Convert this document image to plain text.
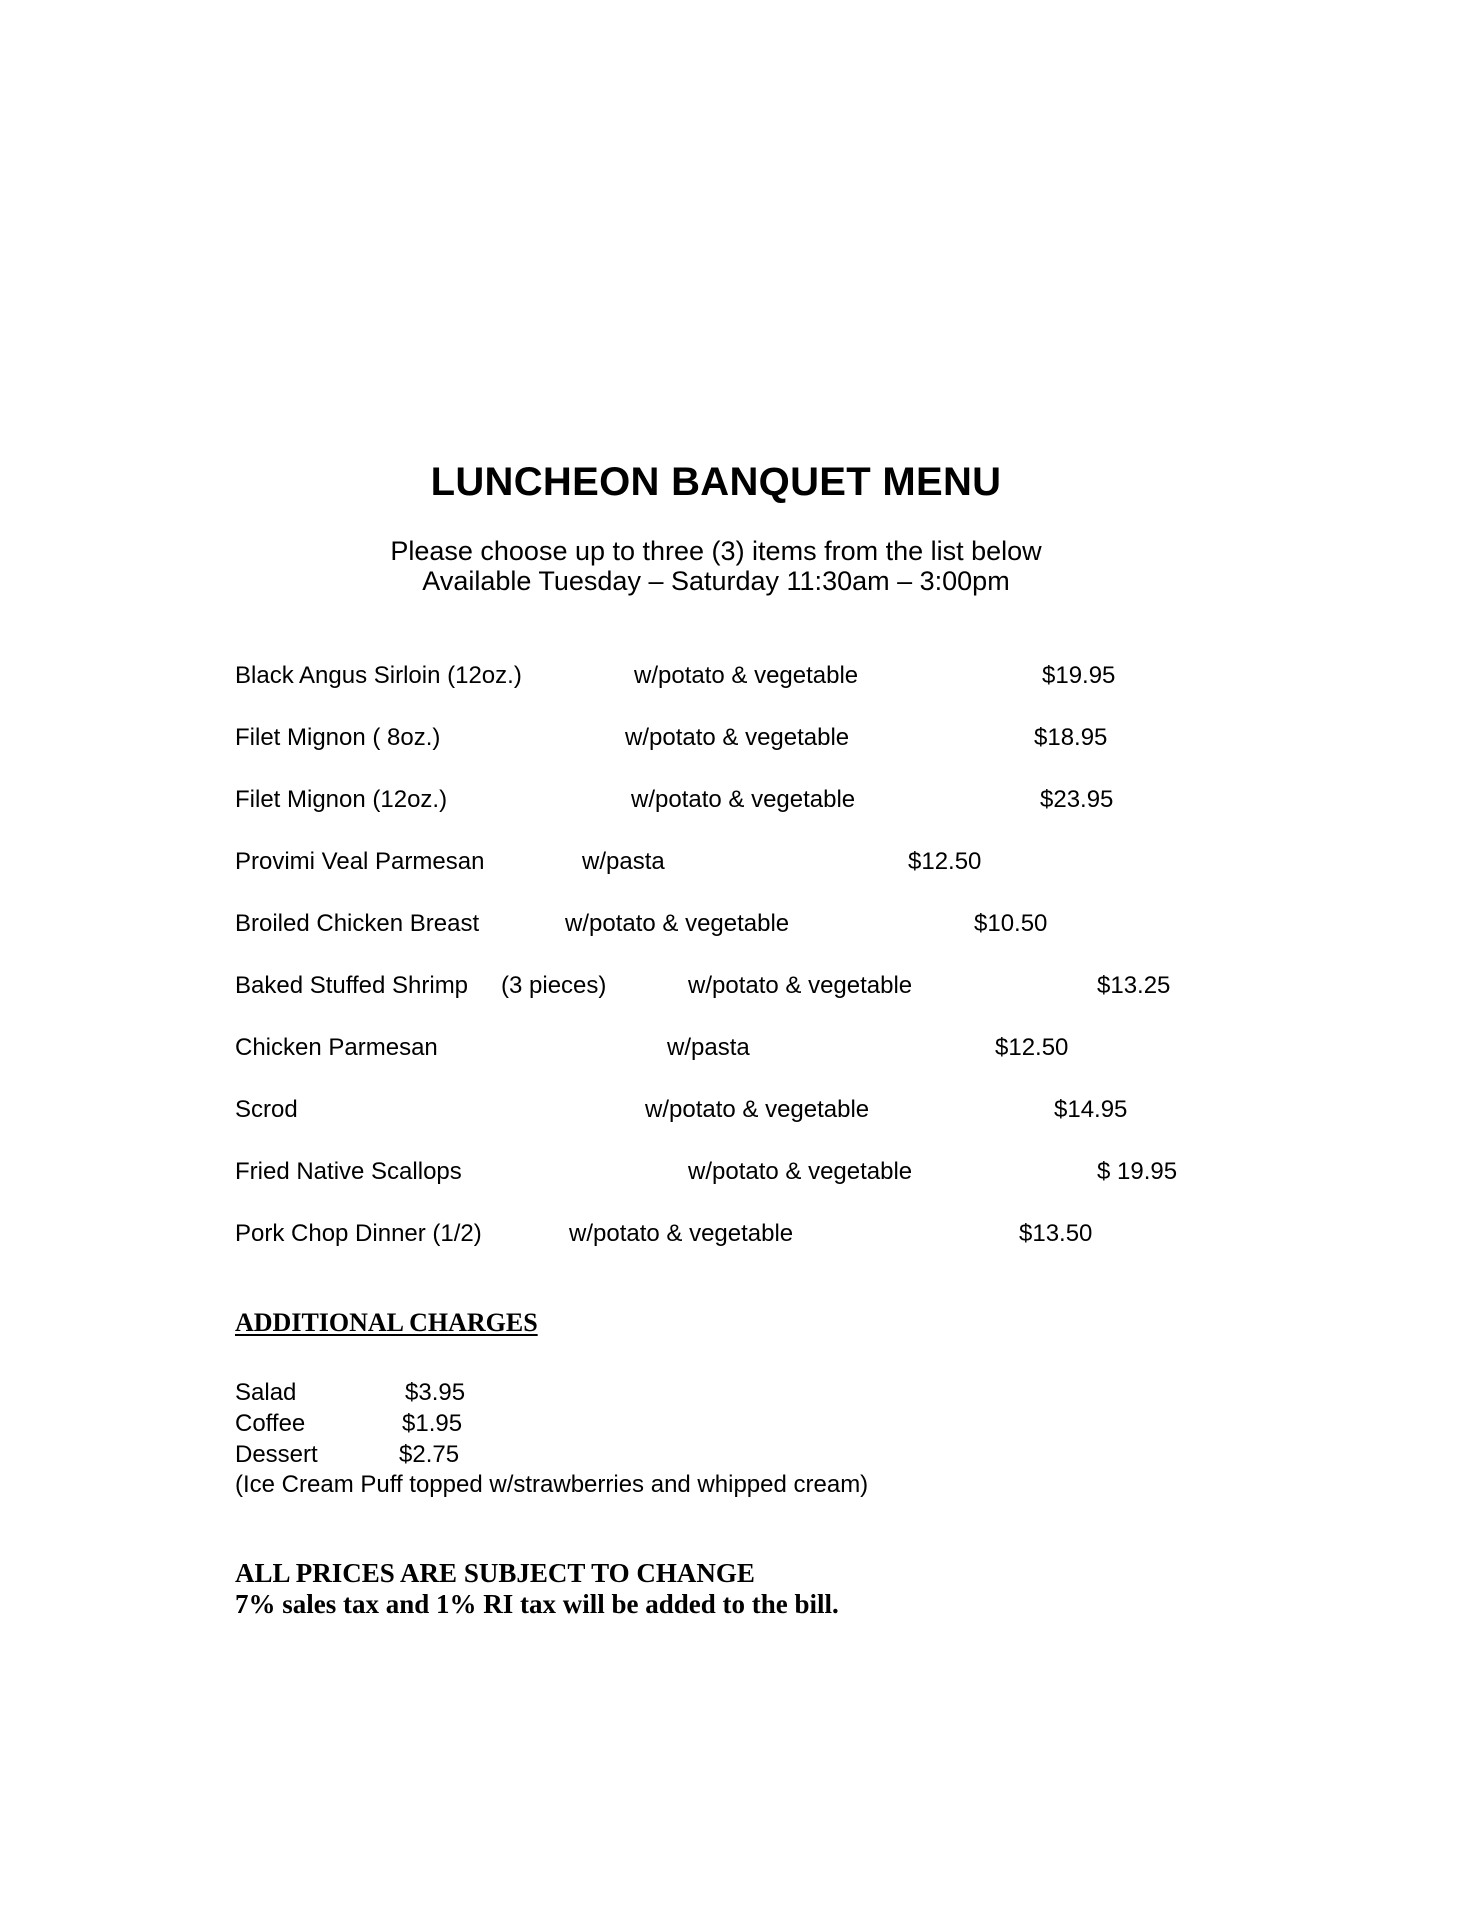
LUNCHEON BANQUET MENU
Please choose up to three (3) items from the list below
Available Tuesday – Saturday 11:30am – 3:00pm
Black Angus Sirloin (12oz.)	w/potato & vegetable	$19.95
Filet Mignon ( 8oz.)	w/potato & vegetable	$18.95
Filet Mignon (12oz.)	w/potato & vegetable	$23.95
Provimi Veal Parmesan	w/pasta	$12.50
Broiled Chicken Breast	w/potato & vegetable	$10.50
Baked Stuffed Shrimp (3 pieces)	w/potato & vegetable	$13.25
Chicken Parmesan	w/pasta	$12.50
Scrod	w/potato & vegetable	$14.95
Fried Native Scallops	w/potato & vegetable	$ 19.95
Pork Chop Dinner (1/2)	w/potato & vegetable	$13.50
ADDITIONAL CHARGES
Salad	$3.95
Coffee	$1.95
Dessert	$2.75
(Ice Cream Puff topped w/strawberries and whipped cream)
ALL PRICES ARE SUBJECT TO CHANGE
7% sales tax and 1% RI tax will be added to the bill.
